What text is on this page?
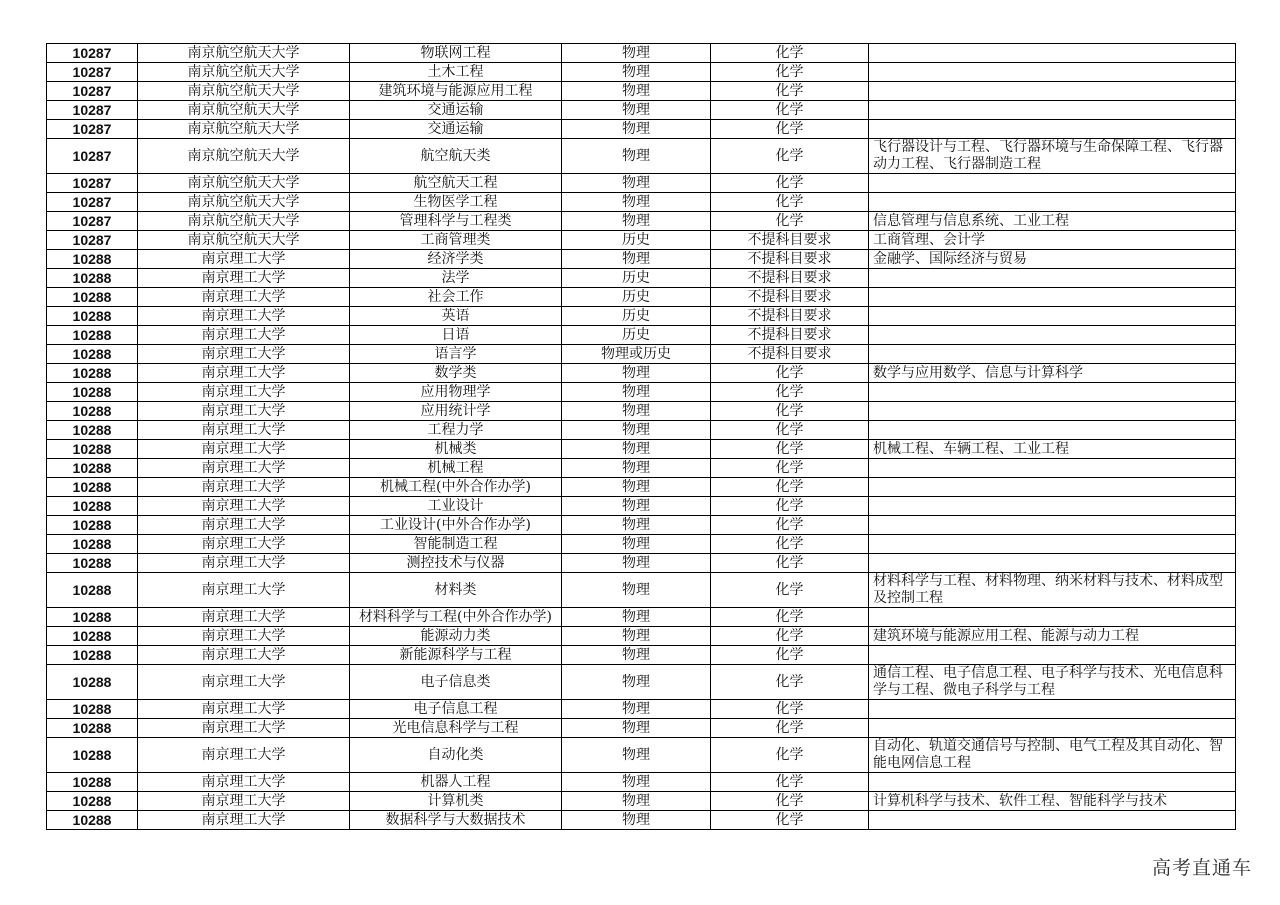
10287	南京航空航天大学	物联网工程	物理	化学	
10287	南京航空航天大学	土木工程	物理	化学	
10287	南京航空航天大学	建筑环境与能源应用工程	物理	化学	
10287	南京航空航天大学	交通运输	物理	化学	
10287	南京航空航天大学	交通运输	物理	化学	
10287	南京航空航天大学	航空航天类	物理	化学	飞行器设计与工程、飞行器环境与生命保障工程、飞行器动力工程、飞行器制造工程
10287	南京航空航天大学	航空航天工程	物理	化学	
10287	南京航空航天大学	生物医学工程	物理	化学	
10287	南京航空航天大学	管理科学与工程类	物理	化学	信息管理与信息系统、工业工程
10287	南京航空航天大学	工商管理类	历史	不提科目要求	工商管理、会计学
10288	南京理工大学	经济学类	物理	不提科目要求	金融学、国际经济与贸易
10288	南京理工大学	法学	历史	不提科目要求	
10288	南京理工大学	社会工作	历史	不提科目要求	
10288	南京理工大学	英语	历史	不提科目要求	
10288	南京理工大学	日语	历史	不提科目要求	
10288	南京理工大学	语言学	物理或历史	不提科目要求	
10288	南京理工大学	数学类	物理	化学	数学与应用数学、信息与计算科学
10288	南京理工大学	应用物理学	物理	化学	
10288	南京理工大学	应用统计学	物理	化学	
10288	南京理工大学	工程力学	物理	化学	
10288	南京理工大学	机械类	物理	化学	机械工程、车辆工程、工业工程
10288	南京理工大学	机械工程	物理	化学	
10288	南京理工大学	机械工程(中外合作办学)	物理	化学	
10288	南京理工大学	工业设计	物理	化学	
10288	南京理工大学	工业设计(中外合作办学)	物理	化学	
10288	南京理工大学	智能制造工程	物理	化学	
10288	南京理工大学	测控技术与仪器	物理	化学	
10288	南京理工大学	材料类	物理	化学	材料科学与工程、材料物理、纳米材料与技术、材料成型及控制工程
10288	南京理工大学	材料科学与工程(中外合作办学)	物理	化学	
10288	南京理工大学	能源动力类	物理	化学	建筑环境与能源应用工程、能源与动力工程
10288	南京理工大学	新能源科学与工程	物理	化学	
10288	南京理工大学	电子信息类	物理	化学	通信工程、电子信息工程、电子科学与技术、光电信息科学与工程、微电子科学与工程
10288	南京理工大学	电子信息工程	物理	化学	
10288	南京理工大学	光电信息科学与工程	物理	化学	
10288	南京理工大学	自动化类	物理	化学	自动化、轨道交通信号与控制、电气工程及其自动化、智能电网信息工程
10288	南京理工大学	机器人工程	物理	化学	
10288	南京理工大学	计算机类	物理	化学	计算机科学与技术、软件工程、智能科学与技术
10288	南京理工大学	数据科学与大数据技术	物理	化学	
高考直通车
